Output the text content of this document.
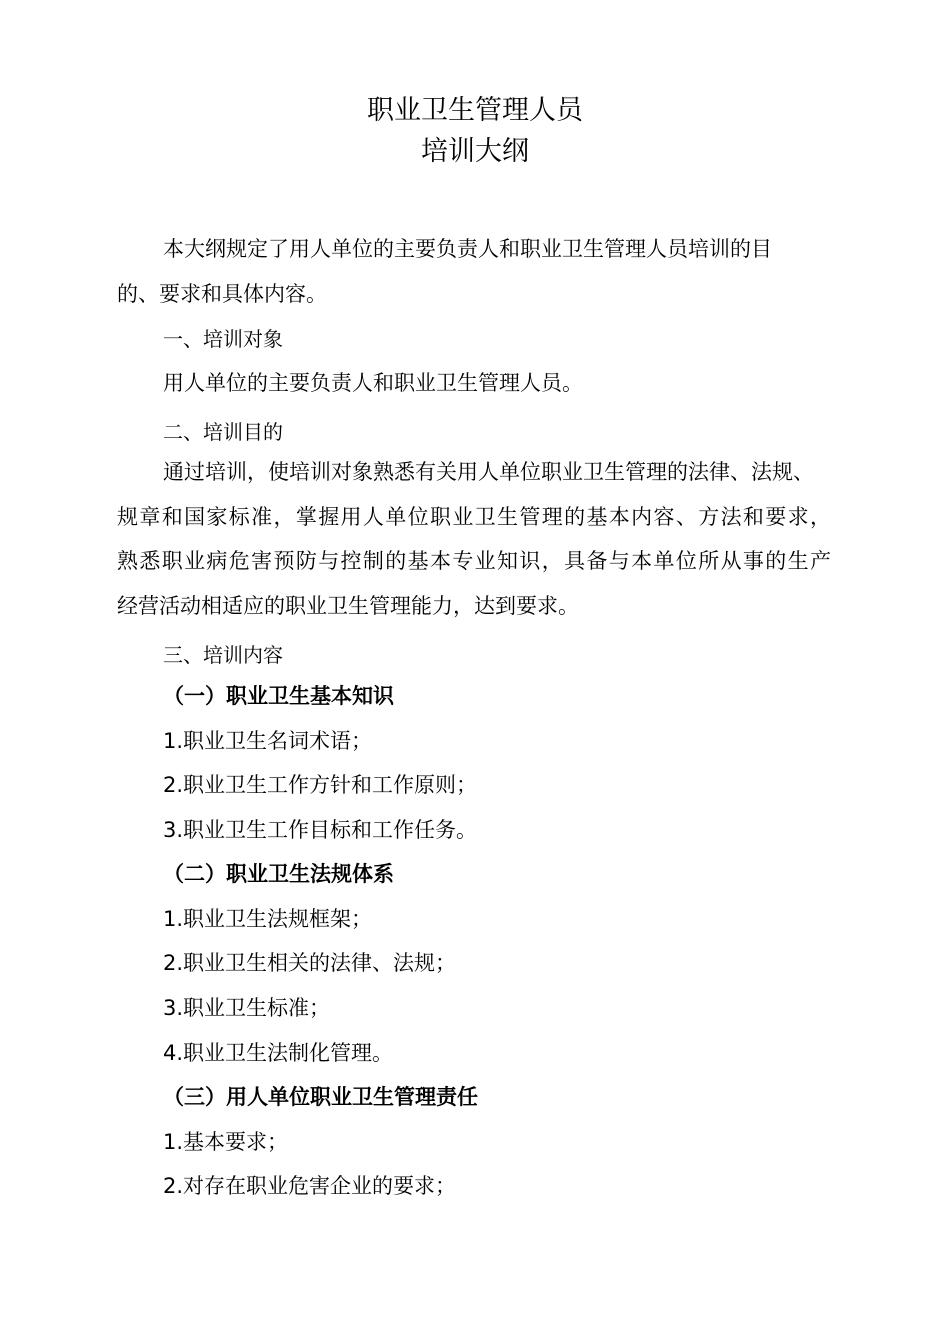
职业卫生管理人员
培训大纲
本大纲规定了用人单位的主要负责人和职业卫生管理人员培训的目
的、要求和具体内容。
一、培训对象
用人单位的主要负责人和职业卫生管理人员。
二、培训目的
通过培训，使培训对象熟悉有关用人单位职业卫生管理的法律、法规、
规章和国家标准，掌握用人单位职业卫生管理的基本内容、方法和要求，
熟悉职业病危害预防与控制的基本专业知识，具备与本单位所从事的生产
经营活动相适应的职业卫生管理能力，达到要求。
三、培训内容
（一）职业卫生基本知识
1.职业卫生名词术语；
2.职业卫生工作方针和工作原则；
3.职业卫生工作目标和工作任务。
（二）职业卫生法规体系
1.职业卫生法规框架；
2.职业卫生相关的法律、法规；
3.职业卫生标准；
4.职业卫生法制化管理。
（三）用人单位职业卫生管理责任
1.基本要求；
2.对存在职业危害企业的要求；
